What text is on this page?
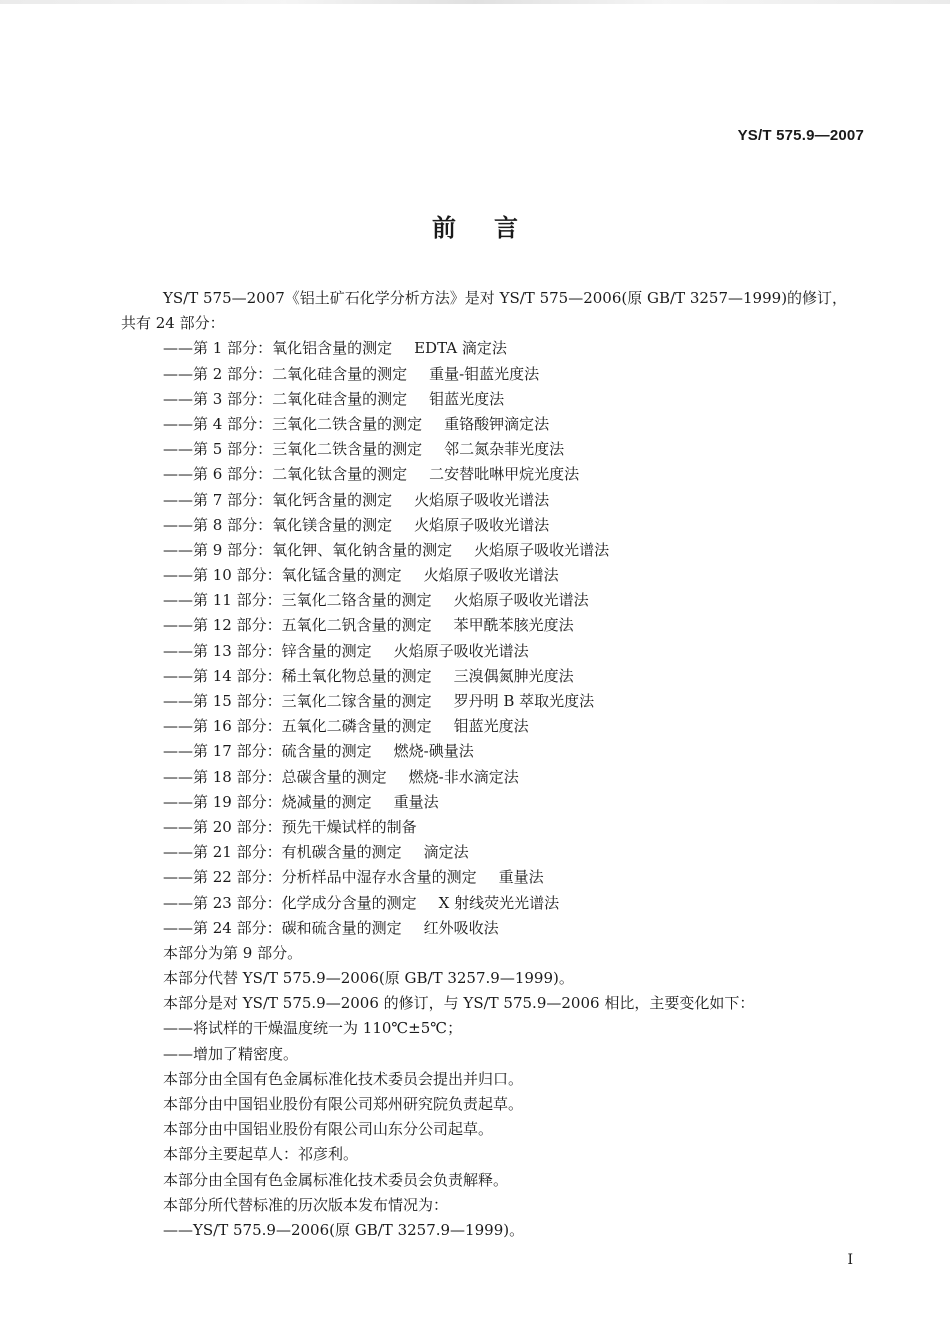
YS/T 575.9—2007
前言
YS/T 575—2007《铝土矿石化学分析方法》是对 YS/T 575—2006(原 GB/T 3257—1999)的修订，
共有 24 部分：
——第 1 部分：氧化铝含量的测定 EDTA 滴定法
——第 2 部分：二氧化硅含量的测定 重量-钼蓝光度法
——第 3 部分：二氧化硅含量的测定 钼蓝光度法
——第 4 部分：三氧化二铁含量的测定 重铬酸钾滴定法
——第 5 部分：三氧化二铁含量的测定 邻二氮杂菲光度法
——第 6 部分：二氧化钛含量的测定 二安替吡啉甲烷光度法
——第 7 部分：氧化钙含量的测定 火焰原子吸收光谱法
——第 8 部分：氧化镁含量的测定 火焰原子吸收光谱法
——第 9 部分：氧化钾、氧化钠含量的测定 火焰原子吸收光谱法
——第 10 部分：氧化锰含量的测定 火焰原子吸收光谱法
——第 11 部分：三氧化二铬含量的测定 火焰原子吸收光谱法
——第 12 部分：五氧化二钒含量的测定 苯甲酰苯胲光度法
——第 13 部分：锌含量的测定 火焰原子吸收光谱法
——第 14 部分：稀土氧化物总量的测定 三溴偶氮胂光度法
——第 15 部分：三氧化二镓含量的测定 罗丹明 B 萃取光度法
——第 16 部分：五氧化二磷含量的测定 钼蓝光度法
——第 17 部分：硫含量的测定 燃烧-碘量法
——第 18 部分：总碳含量的测定 燃烧-非水滴定法
——第 19 部分：烧减量的测定 重量法
——第 20 部分：预先干燥试样的制备
——第 21 部分：有机碳含量的测定 滴定法
——第 22 部分：分析样品中湿存水含量的测定 重量法
——第 23 部分：化学成分含量的测定 X 射线荧光光谱法
——第 24 部分：碳和硫含量的测定 红外吸收法
本部分为第 9 部分。
本部分代替 YS/T 575.9—2006(原 GB/T 3257.9—1999)。
本部分是对 YS/T 575.9—2006 的修订，与 YS/T 575.9—2006 相比，主要变化如下：
——将试样的干燥温度统一为 110℃±5℃；
——增加了精密度。
本部分由全国有色金属标准化技术委员会提出并归口。
本部分由中国铝业股份有限公司郑州研究院负责起草。
本部分由中国铝业股份有限公司山东分公司起草。
本部分主要起草人：祁彦利。
本部分由全国有色金属标准化技术委员会负责解释。
本部分所代替标准的历次版本发布情况为：
——YS/T 575.9—2006(原 GB/T 3257.9—1999)。
I
